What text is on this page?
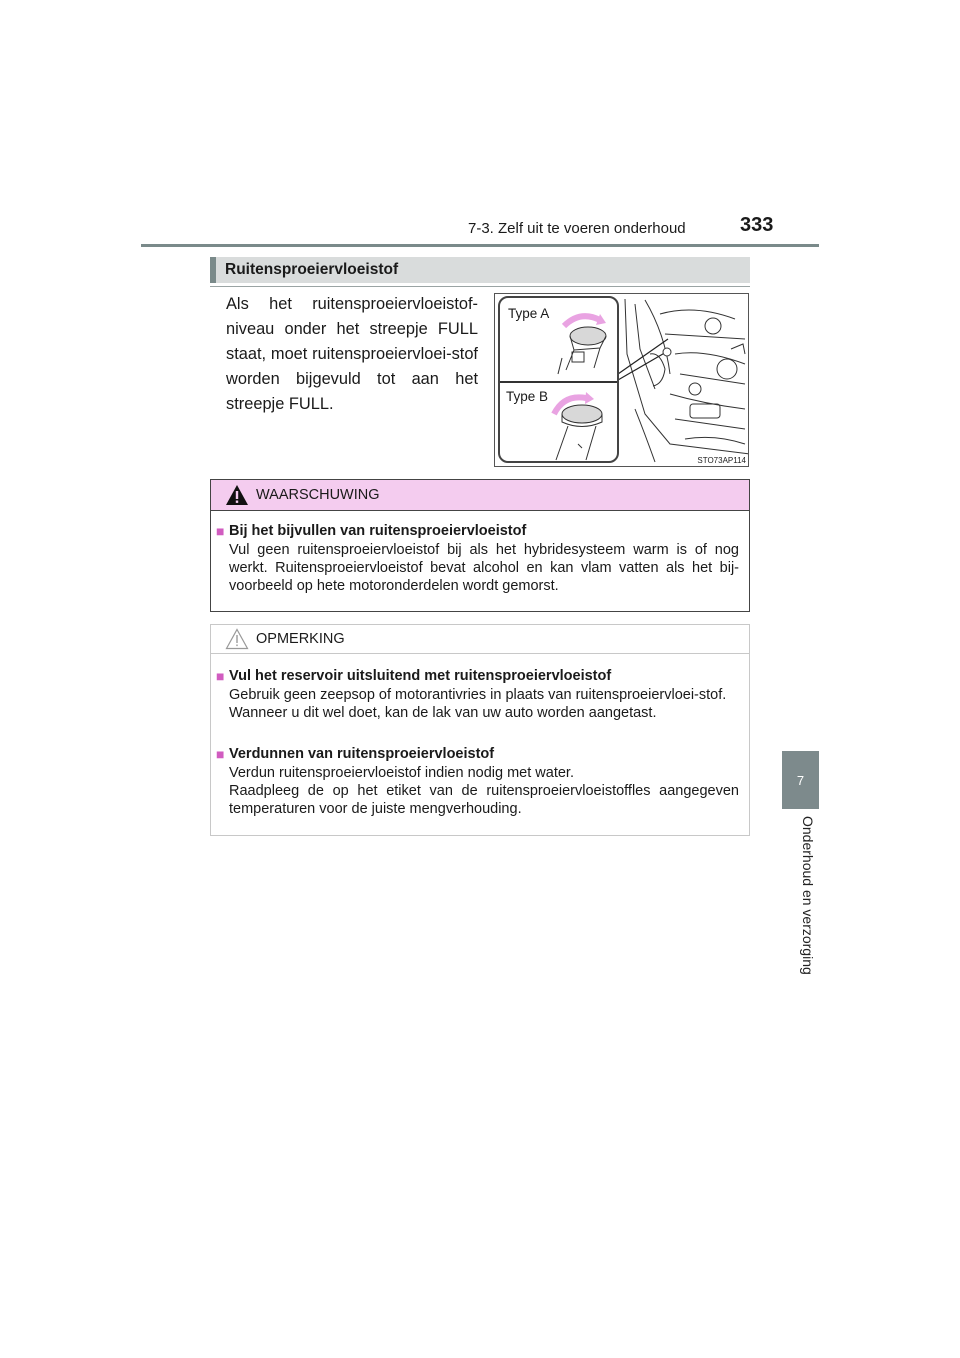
7-3. Zelf uit te voeren onderhoud	333
7
Onderhoud en verzorging
Ruitensproeiervloeistof

Als het ruitensproeiervloeistof-niveau onder het streepje FULL staat, moet ruitensproeiervloei-stof worden bijgevuld tot aan het streepje FULL.

Type A
Type B
STO73AP114
WAARSCHUWING
■ Bij het bijvullen van ruitensproeiervloeistof

Vul geen ruitensproeiervloeistof bij als het hybridesysteem warm is of nog werkt. Ruitensproeiervloeistof bevat alcohol en kan vlam vatten als het bij-voorbeeld op hete motoronderdelen wordt gemorst.

OPMERKING
■ Vul het reservoir uitsluitend met ruitensproeiervloeistof

Gebruik geen zeepsop of motorantivries in plaats van ruitensproeiervloei-stof.

Wanneer u dit wel doet, kan de lak van uw auto worden aangetast.

■ Verdunnen van ruitensproeiervloeistof

Verdun ruitensproeiervloeistof indien nodig met water.

Raadpleeg de op het etiket van de ruitensproeiervloeistoffles aangegeven temperaturen voor de juiste mengverhouding.
